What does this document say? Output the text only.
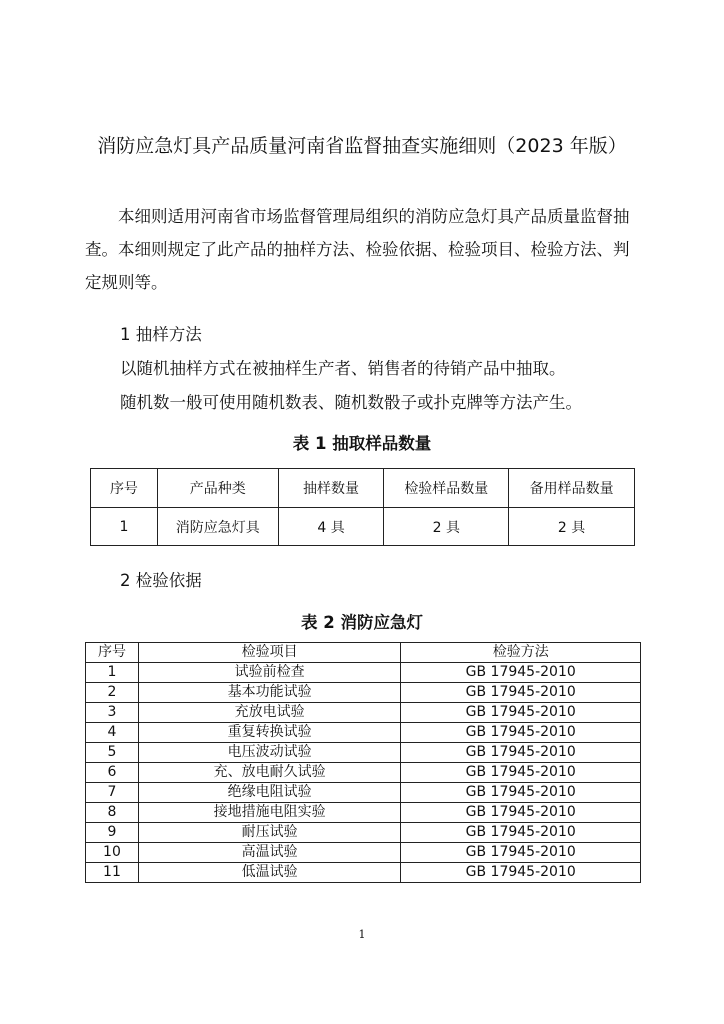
消防应急灯具产品质量河南省监督抽查实施细则（2023 年版）

本细则适用河南省市场监督管理局组织的消防应急灯具产品质量监督抽查。本细则规定了此产品的抽样方法、检验依据、检验项目、检验方法、判定规则等。

1 抽样方法
以随机抽样方式在被抽样生产者、销售者的待销产品中抽取。
随机数一般可使用随机数表、随机数骰子或扑克牌等方法产生。
表 1 抽取样品数量
序号	产品种类	抽样数量	检验样品数量	备用样品数量
1	消防应急灯具	4 具	2 具	2 具
2 检验依据
表 2 消防应急灯
序号	检验项目	检验方法
1	试验前检查	GB 17945-2010
2	基本功能试验	GB 17945-2010
3	充放电试验	GB 17945-2010
4	重复转换试验	GB 17945-2010
5	电压波动试验	GB 17945-2010
6	充、放电耐久试验	GB 17945-2010
7	绝缘电阻试验	GB 17945-2010
8	接地措施电阻实验	GB 17945-2010
9	耐压试验	GB 17945-2010
10	高温试验	GB 17945-2010
11	低温试验	GB 17945-2010
1
